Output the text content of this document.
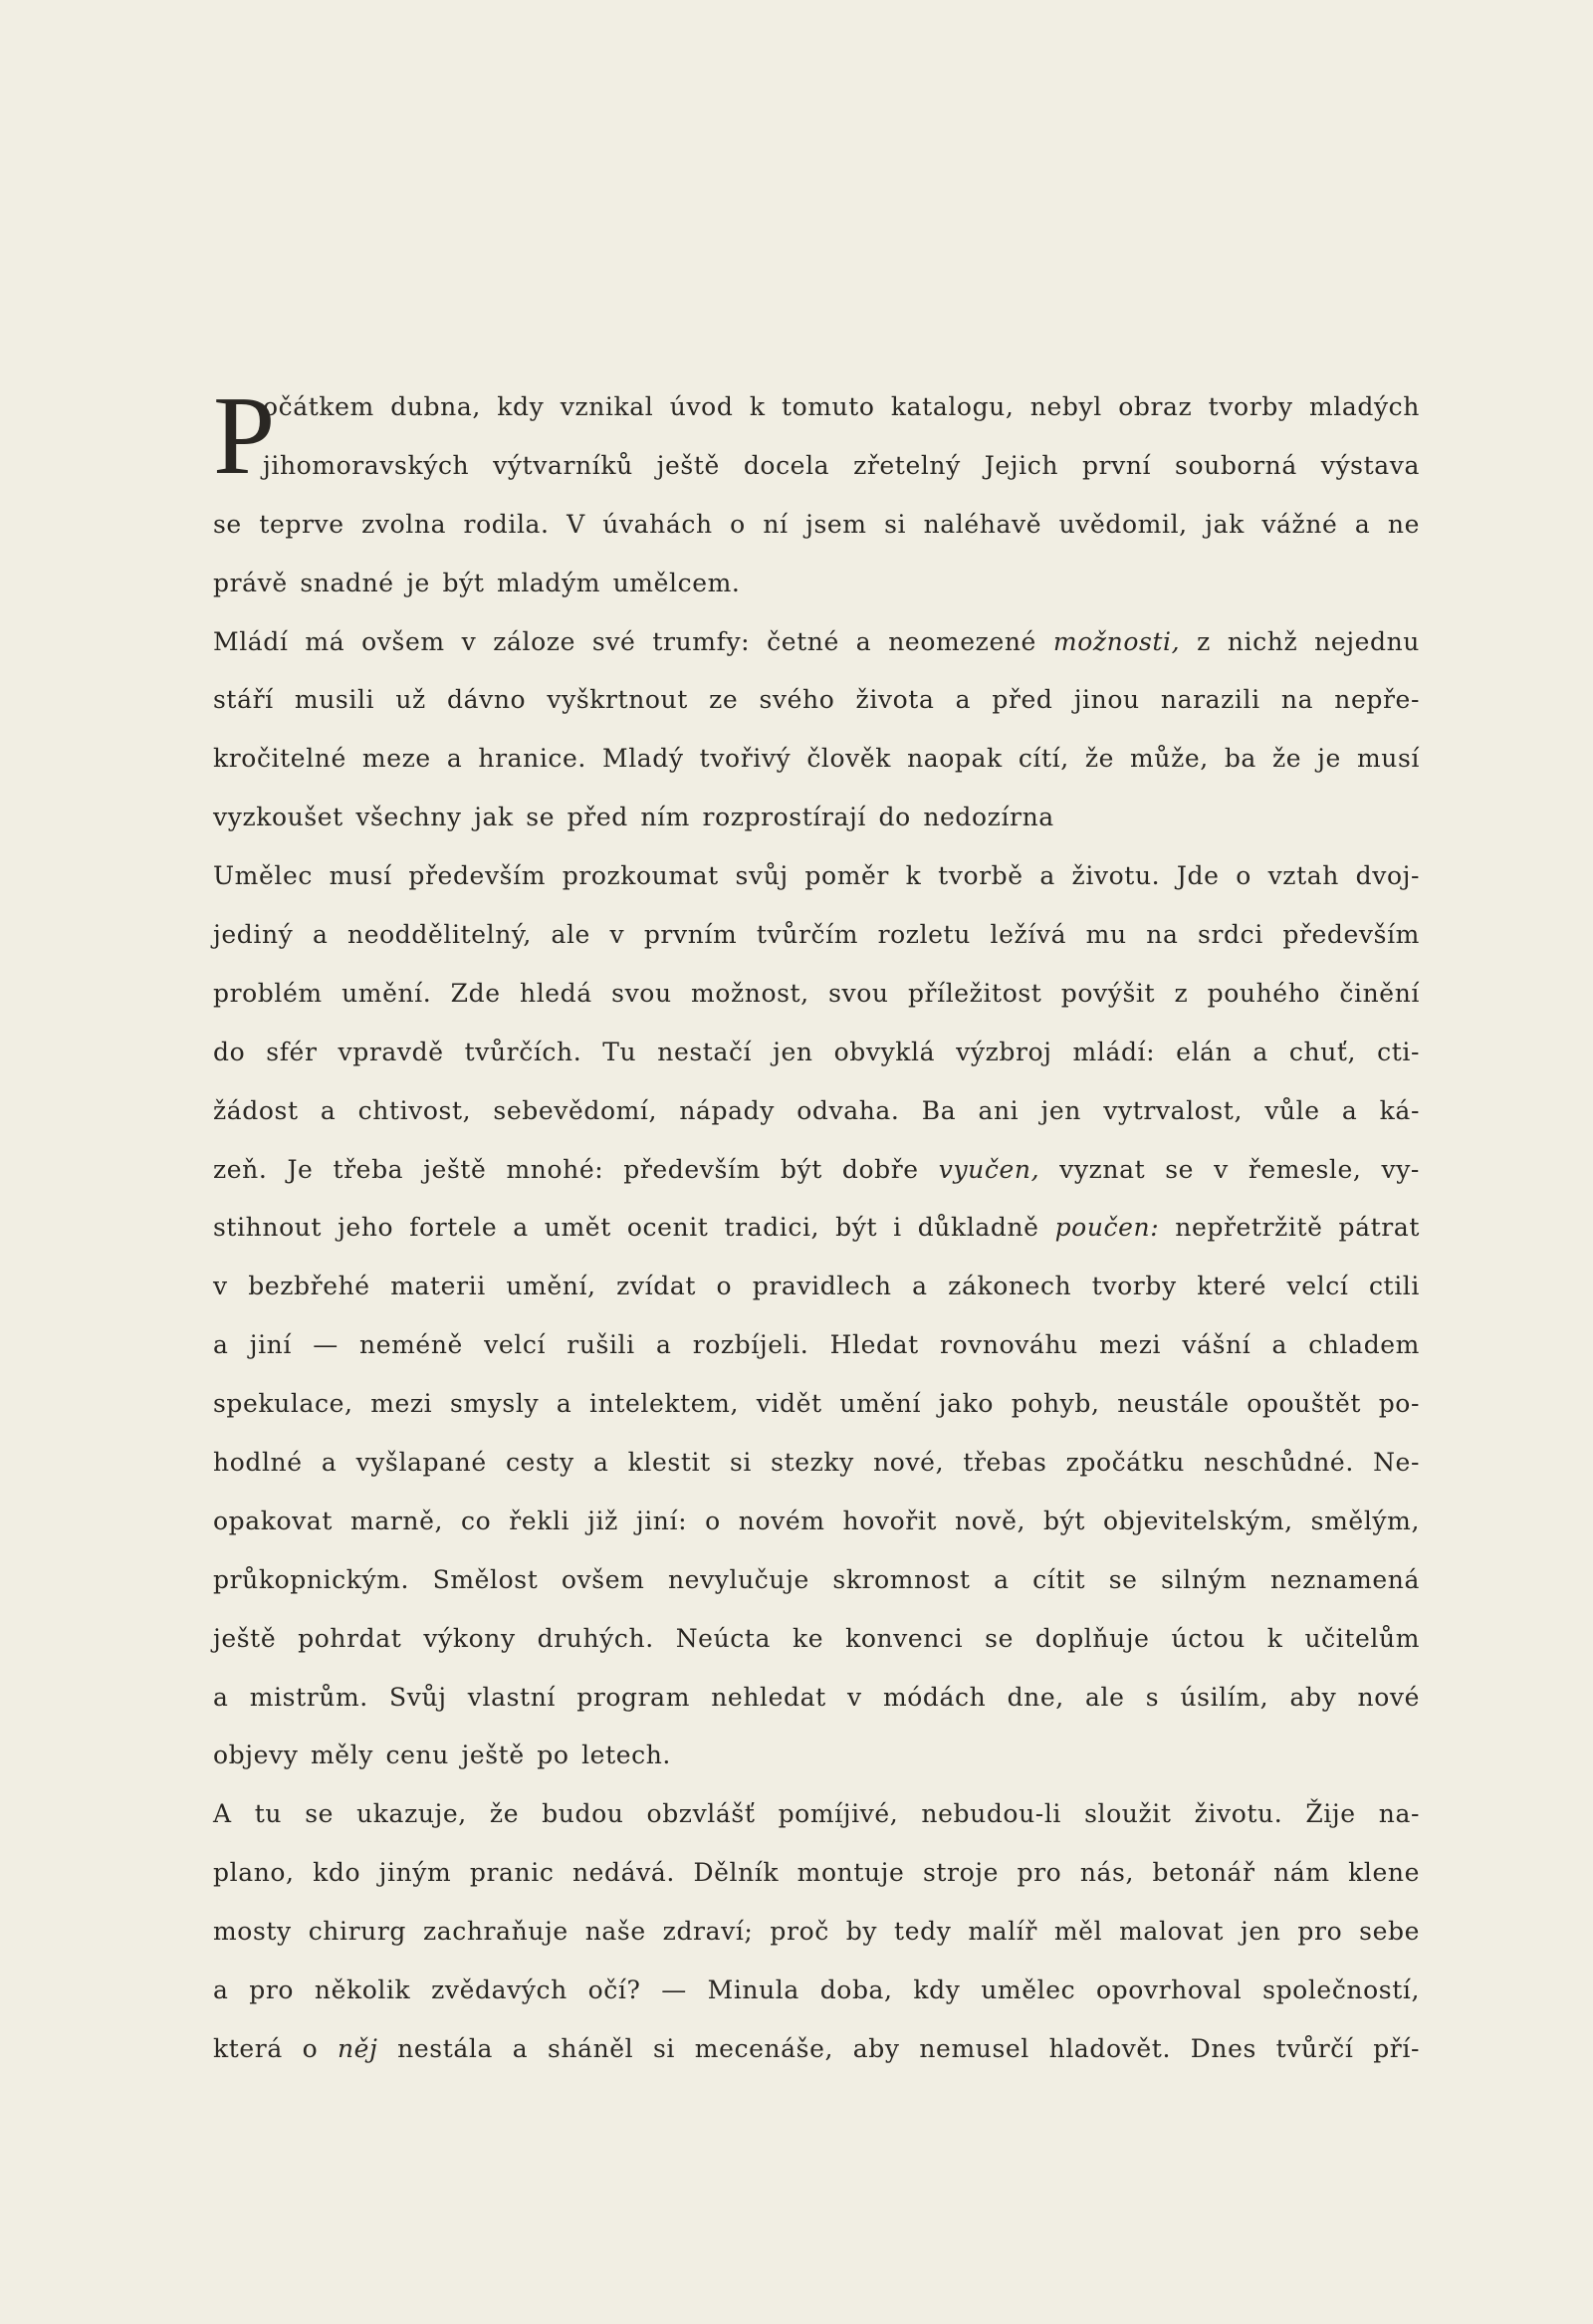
P
očátkem dubna, kdy vznikal úvod k tomuto katalogu, nebyl obraz tvorby mladých
jihomoravských výtvarníků ještě docela zřetelný Jejich první souborná výstava
se teprve zvolna rodila. V úvahách o ní jsem si naléhavě uvědomil, jak vážné a ne
právě snadné je být mladým umělcem.
Mládí má ovšem v záloze své trumfy: četné a neomezené možnosti, z nichž nejednu
stáří musili už dávno vyškrtnout ze svého života a před jinou narazili na nepře-
kročitelné meze a hranice. Mladý tvořivý člověk naopak cítí, že může, ba že je musí
vyzkoušet všechny jak se před ním rozprostírají do nedozírna
Umělec musí především prozkoumat svůj poměr k tvorbě a životu. Jde o vztah dvoj-
jediný a neoddělitelný, ale v prvním tvůrčím rozletu ležívá mu na srdci především
problém umění. Zde hledá svou možnost, svou příležitost povýšit z pouhého činění
do sfér vpravdě tvůrčích. Tu nestačí jen obvyklá výzbroj mládí: elán a chuť, cti-
žádost a chtivost, sebevědomí, nápady odvaha. Ba ani jen vytrvalost, vůle a ká-
zeň. Je třeba ještě mnohé: především být dobře vyučen, vyznat se v řemesle, vy-
stihnout jeho fortele a umět ocenit tradici, být i důkladně poučen: nepřetržitě pátrat
v bezbřehé materii umění, zvídat o pravidlech a zákonech tvorby které velcí ctili
a jiní — neméně velcí rušili a rozbíjeli. Hledat rovnováhu mezi vášní a chladem
spekulace, mezi smysly a intelektem, vidět umění jako pohyb, neustále opouštět po-
hodlné a vyšlapané cesty a klestit si stezky nové, třebas zpočátku neschůdné. Ne-
opakovat marně, co řekli již jiní: o novém hovořit nově, být objevitelským, smělým,
průkopnickým. Smělost ovšem nevylučuje skromnost a cítit se silným neznamená
ještě pohrdat výkony druhých. Neúcta ke konvenci se doplňuje úctou k učitelům
a mistrům. Svůj vlastní program nehledat v módách dne, ale s úsilím, aby nové
objevy měly cenu ještě po letech.
A tu se ukazuje, že budou obzvlášť pomíjivé, nebudou-li sloužit životu. Žije na-
plano, kdo jiným pranic nedává. Dělník montuje stroje pro nás, betonář nám klene
mosty chirurg zachraňuje naše zdraví; proč by tedy malíř měl malovat jen pro sebe
a pro několik zvědavých očí? — Minula doba, kdy umělec opovrhoval společností,
která o něj nestála a sháněl si mecenáše, aby nemusel hladovět. Dnes tvůrčí pří-
